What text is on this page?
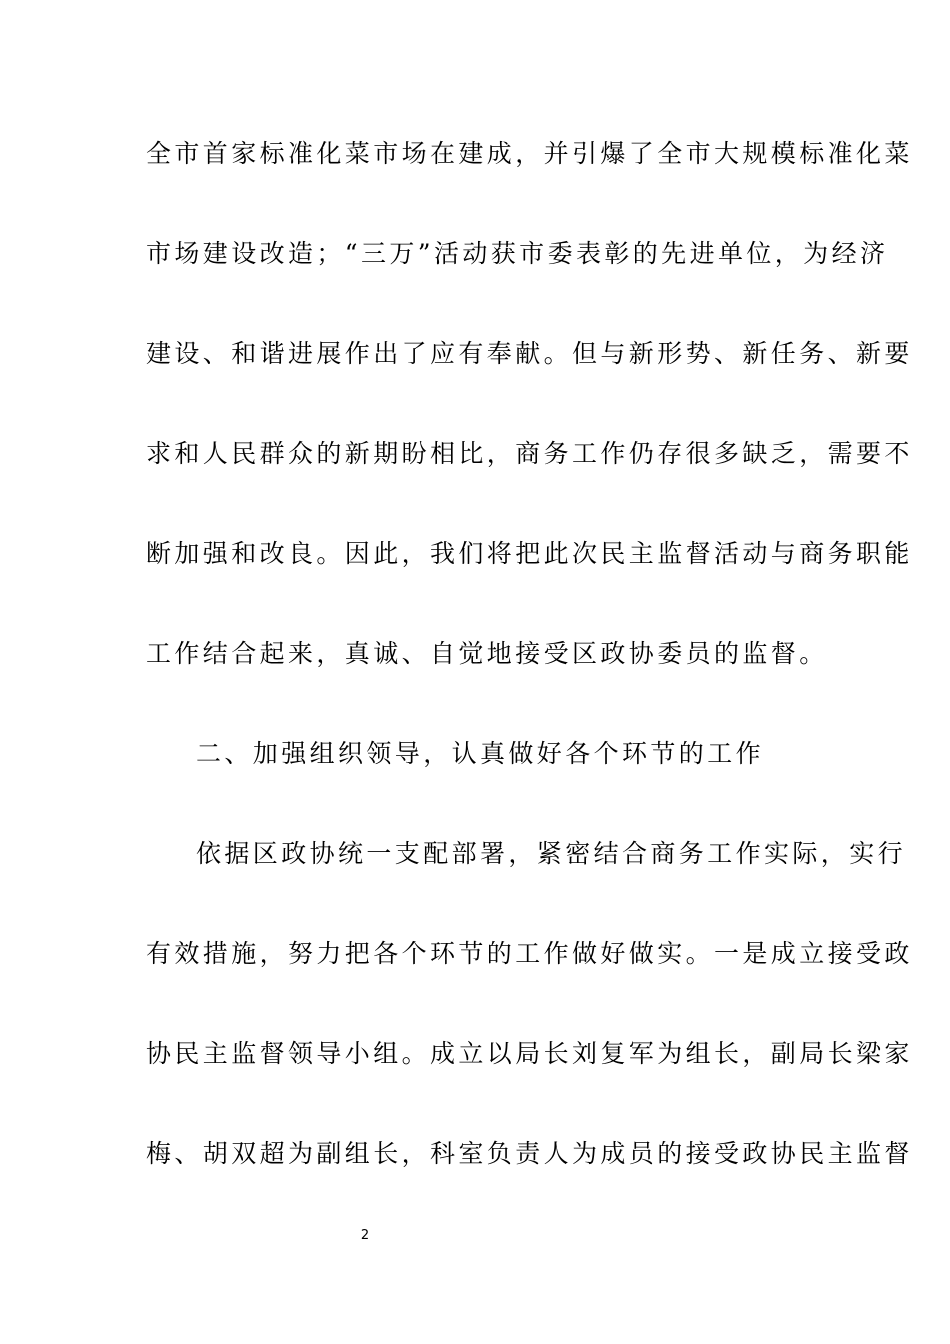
全市首家标准化菜市场在建成，并引爆了全市大规模标准化菜
市场建设改造；“三万”活动获市委表彰的先进单位，为经济
建设、和谐进展作出了应有奉献。但与新形势、新任务、新要
求和人民群众的新期盼相比，商务工作仍存很多缺乏，需要不
断加强和改良。因此，我们将把此次民主监督活动与商务职能
工作结合起来，真诚、自觉地接受区政协委员的监督。
二、加强组织领导，认真做好各个环节的工作
依据区政协统一支配部署，紧密结合商务工作实际，实行
有效措施，努力把各个环节的工作做好做实。一是成立接受政
协民主监督领导小组。成立以局长刘复军为组长，副局长梁家
梅、胡双超为副组长，科室负责人为成员的接受政协民主监督
2
